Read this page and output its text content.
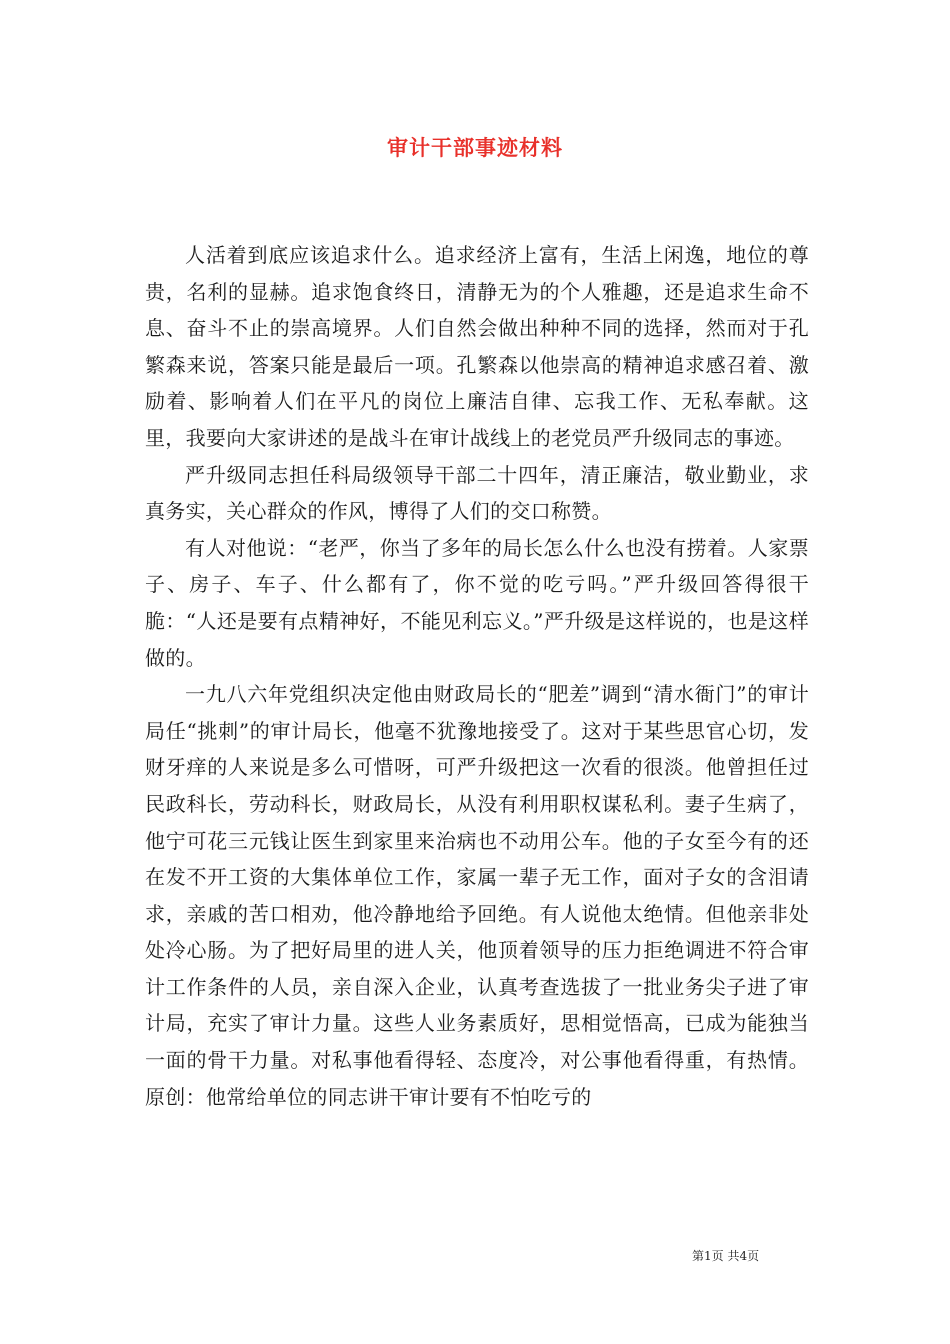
审计干部事迹材料

人活着到底应该追求什么。追求经济上富有，生活上闲逸，地位的尊贵，名利的显赫。追求饱食终日，清静无为的个人雅趣，还是追求生命不息、奋斗不止的崇高境界。人们自然会做出种种不同的选择，然而对于孔繁森来说，答案只能是最后一项。孔繁森以他崇高的精神追求感召着、激励着、影响着人们在平凡的岗位上廉洁自律、忘我工作、无私奉献。这里，我要向大家讲述的是战斗在审计战线上的老党员严升级同志的事迹。

严升级同志担任科局级领导干部二十四年，清正廉洁，敬业勤业，求真务实，关心群众的作风，博得了人们的交口称赞。

有人对他说：“老严，你当了多年的局长怎么什么也没有捞着。人家票子、房子、车子、什么都有了，你不觉的吃亏吗。”严升级回答得很干脆：“人还是要有点精神好，不能见利忘义。”严升级是这样说的，也是这样做的。

一九八六年党组织决定他由财政局长的“肥差”调到“清水衙门”的审计局任“挑刺”的审计局长，他毫不犹豫地接受了。这对于某些思官心切，发财牙痒的人来说是多么可惜呀，可严升级把这一次看的很淡。他曾担任过民政科长，劳动科长，财政局长，从没有利用职权谋私利。妻子生病了，他宁可花三元钱让医生到家里来治病也不动用公车。他的子女至今有的还在发不开工资的大集体单位工作，家属一辈子无工作，面对子女的含泪请求，亲戚的苦口相劝，他冷静地给予回绝。有人说他太绝情。但他亲非处处冷心肠。为了把好局里的进人关，他顶着领导的压力拒绝调进不符合审计工作条件的人员，亲自深入企业，认真考查选拔了一批业务尖子进了审计局，充实了审计力量。这些人业务素质好，思相觉悟高，已成为能独当一面的骨干力量。对私事他看得轻、态度冷，对公事他看得重，有热情。原创：他常给单位的同志讲干审计要有不怕吃亏的

第1页 共4页
